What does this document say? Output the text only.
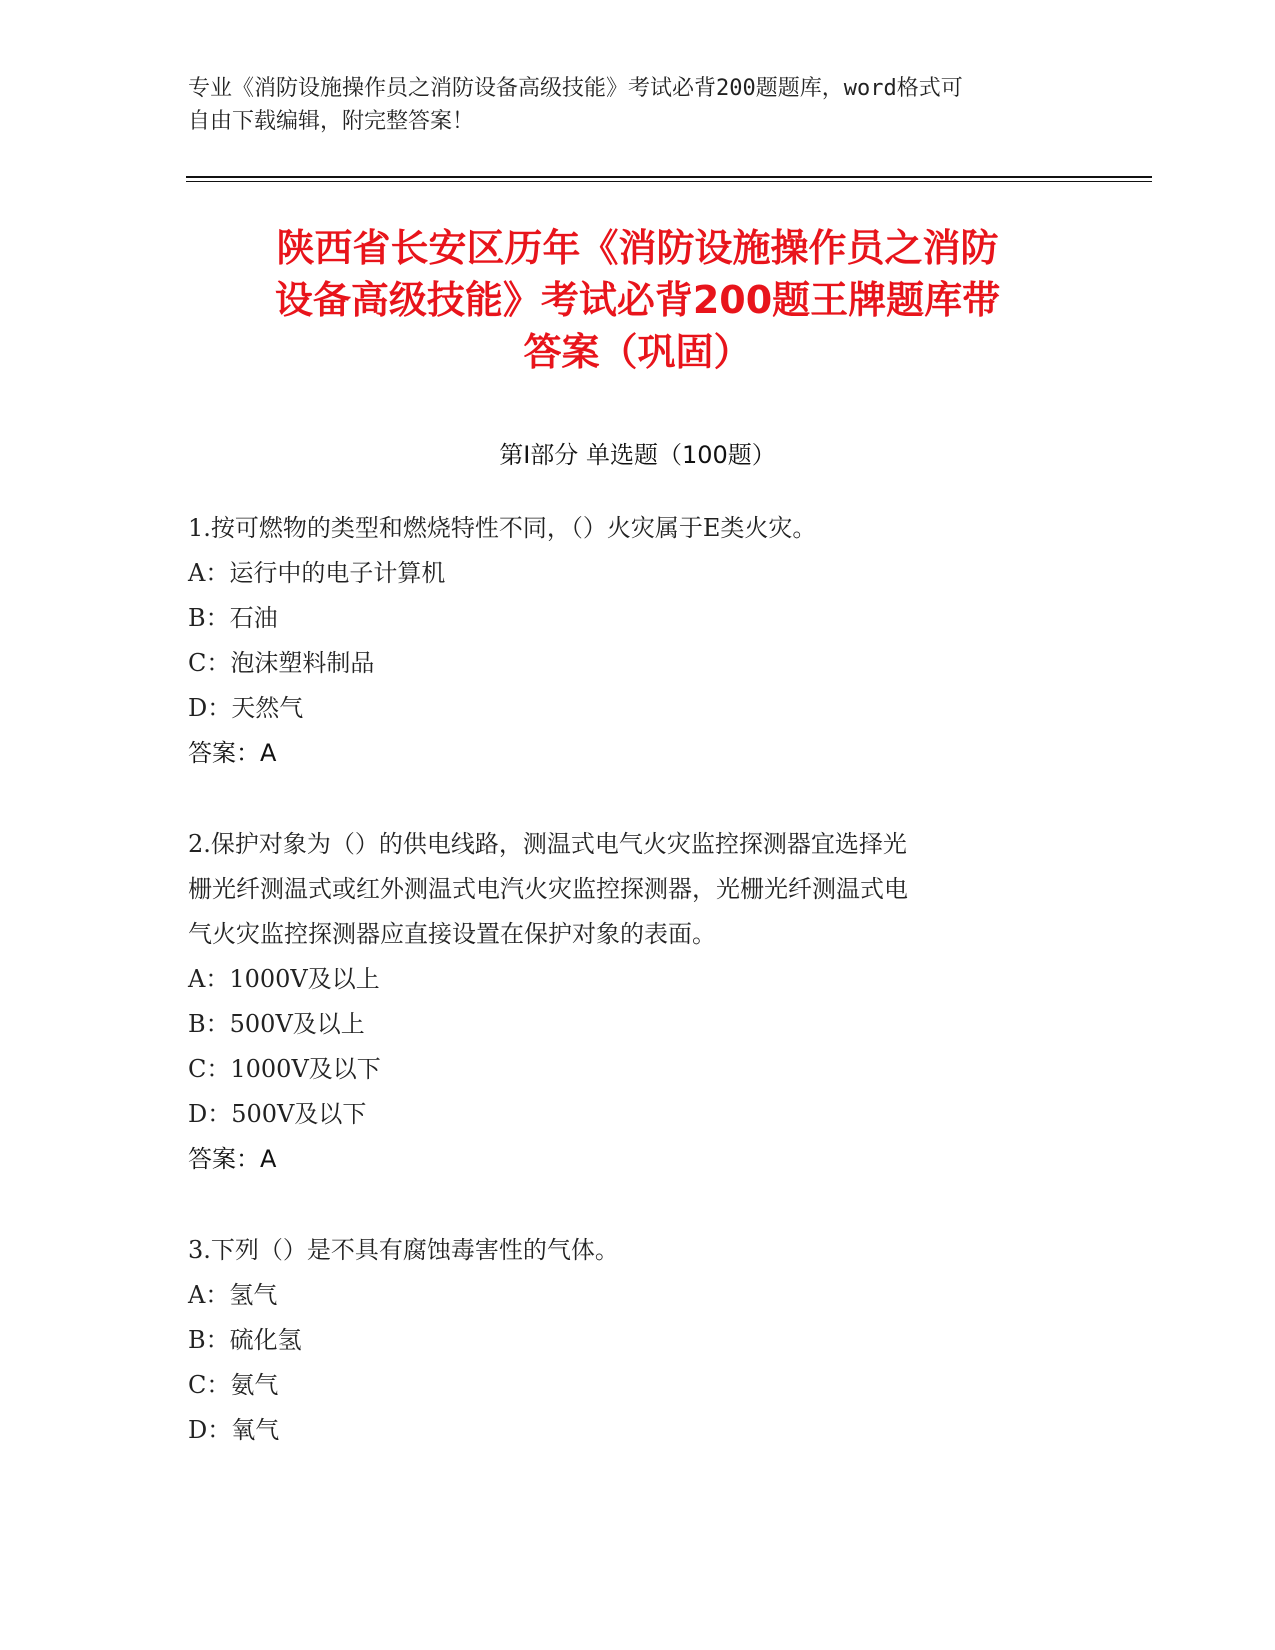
专业《消防设施操作员之消防设备高级技能》考试必背200题题库，word格式可
自由下载编辑，附完整答案！
陕西省长安区历年《消防设施操作员之消防
设备高级技能》考试必背200题王牌题库带
答案（巩固）
第I部分 单选题（100题）
1.按可燃物的类型和燃烧特性不同，（）火灾属于E类火灾。
A：运行中的电子计算机
B：石油
C：泡沫塑料制品
D：天然气
答案：A
2.保护对象为（）的供电线路，测温式电气火灾监控探测器宜选择光
栅光纤测温式或红外测温式电汽火灾监控探测器，光栅光纤测温式电
气火灾监控探测器应直接设置在保护对象的表面。
A：1000V及以上
B：500V及以上
C：1000V及以下
D：500V及以下
答案：A
3.下列（）是不具有腐蚀毒害性的气体。
A：氢气
B：硫化氢
C：氨气
D：氧气
